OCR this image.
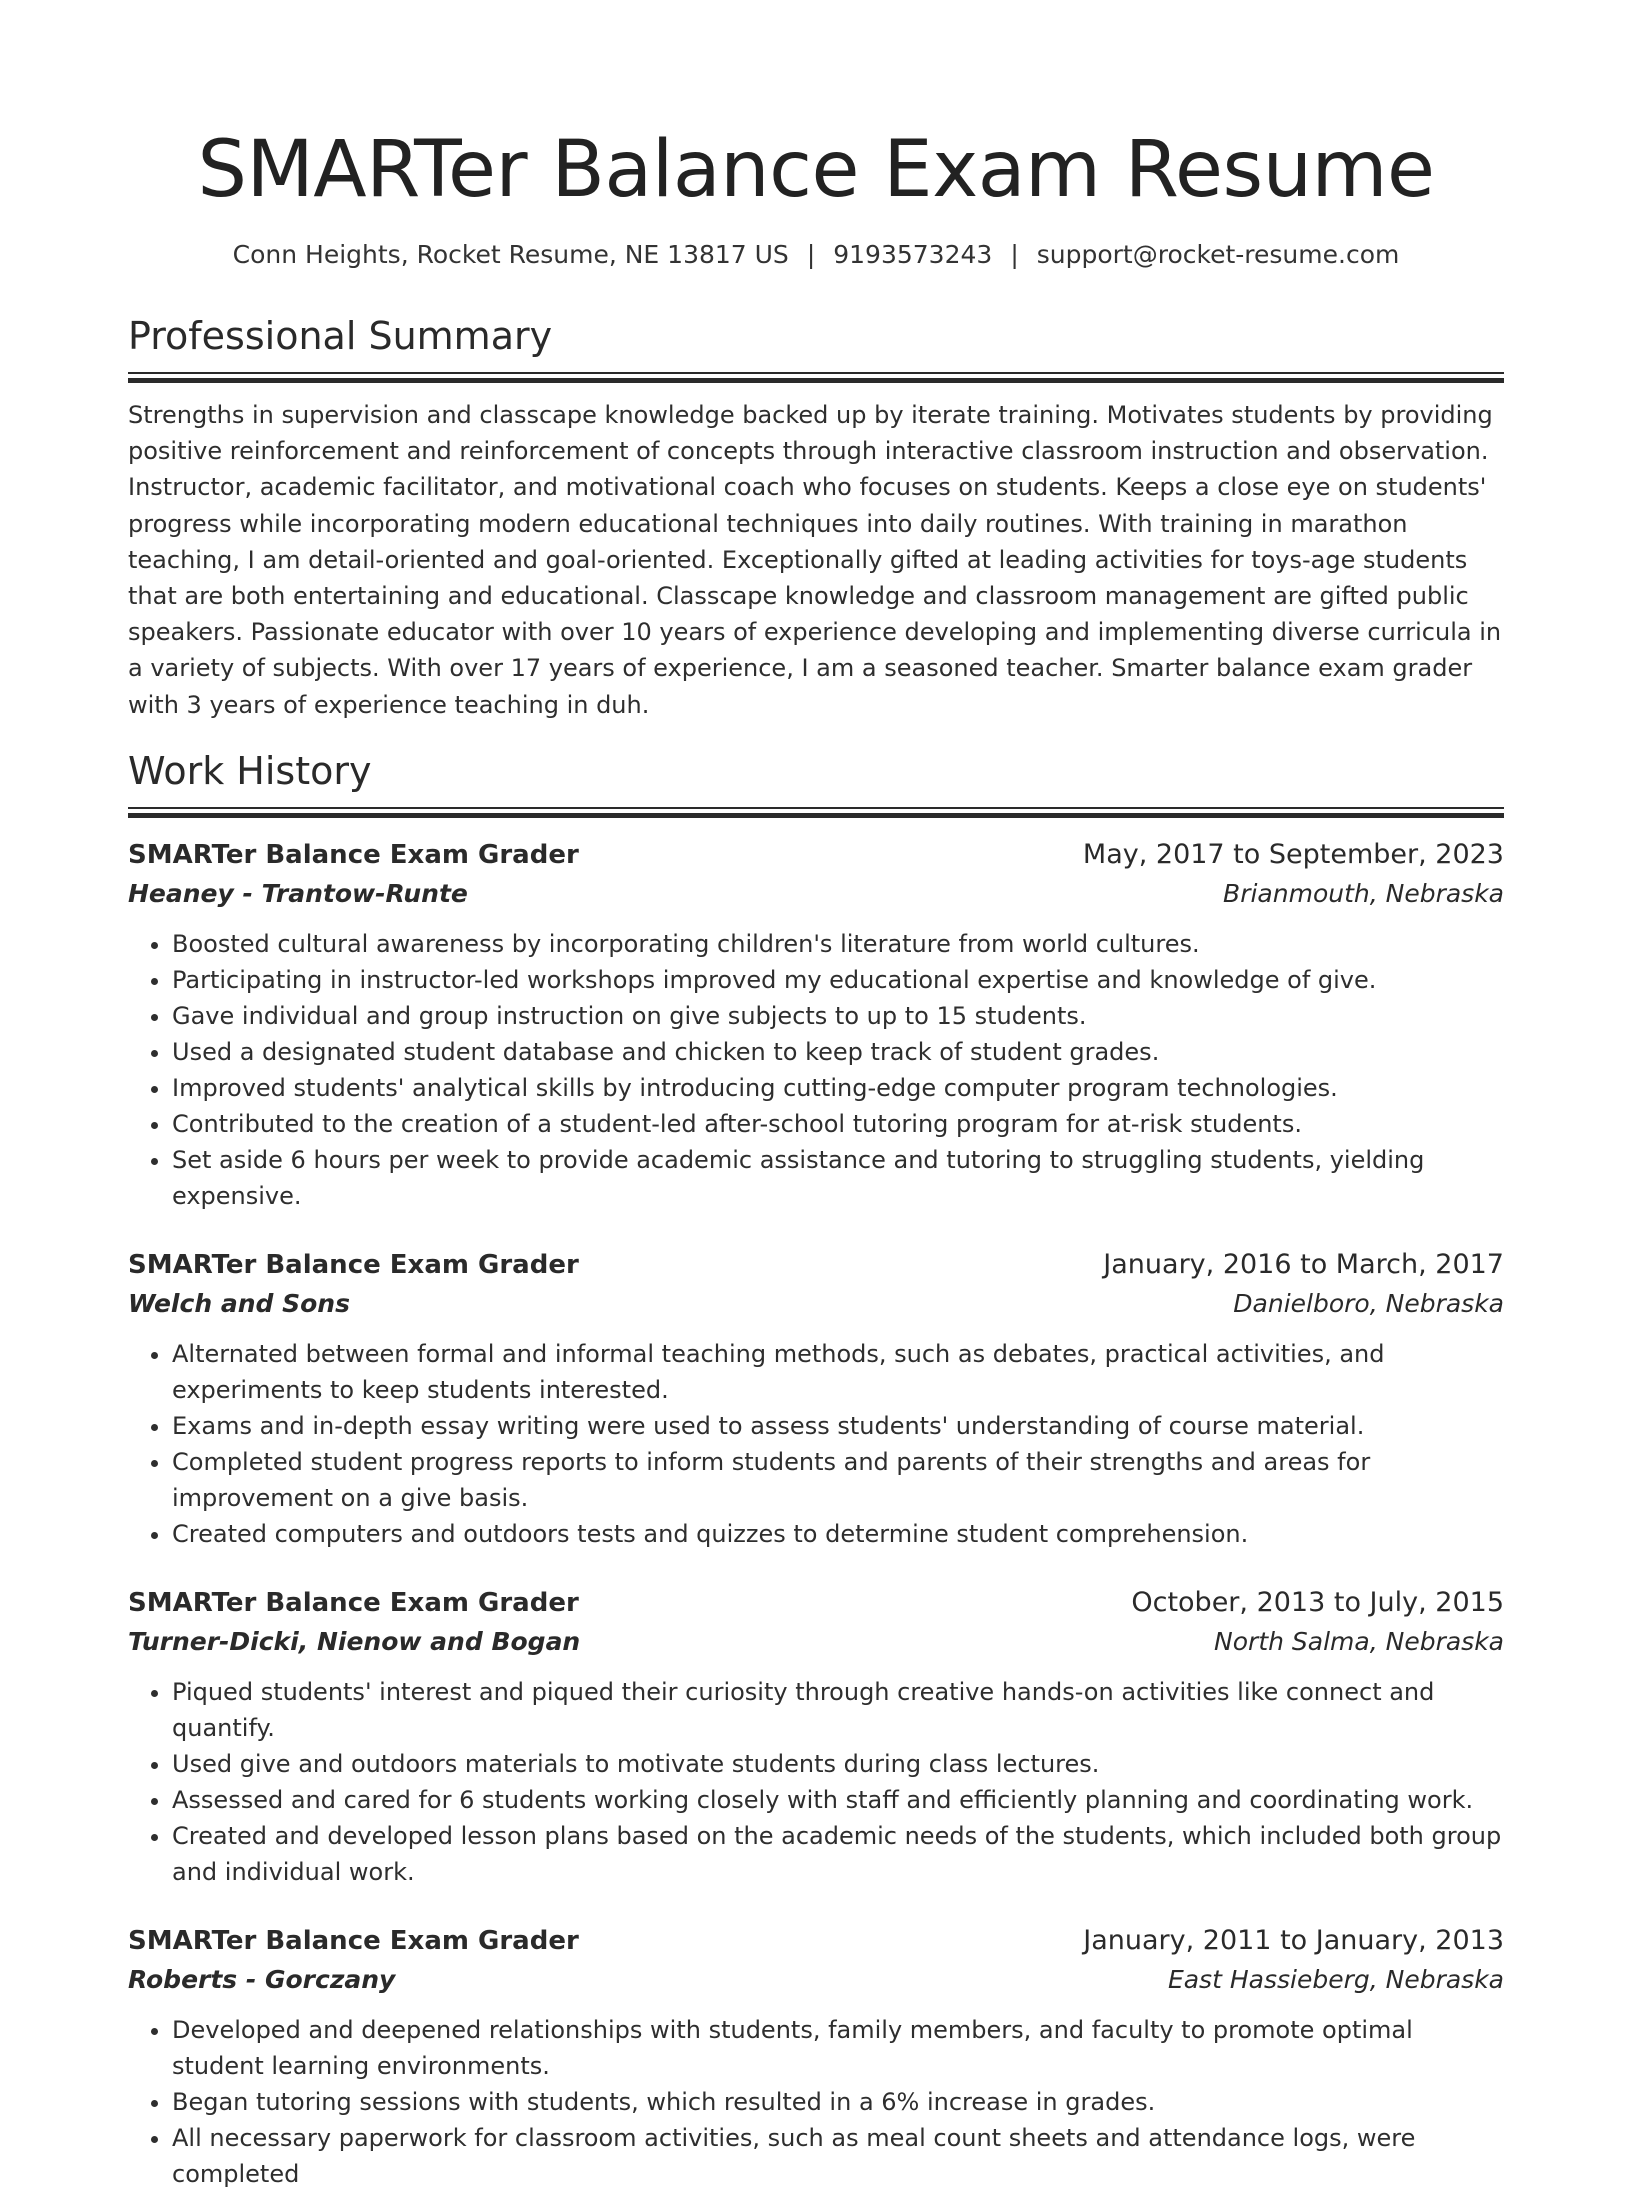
SMARTer Balance Exam Resume
Conn Heights, Rocket Resume, NE 13817 US | 9193573243 | support@rocket-resume.com
Professional Summary

Strengths in supervision and classcape knowledge backed up by iterate training. Motivates students by providing positive reinforcement and reinforcement of concepts through interactive classroom instruction and observation. Instructor, academic facilitator, and motivational coach who focuses on students. Keeps a close eye on students' progress while incorporating modern educational techniques into daily routines. With training in marathon teaching, I am detail-oriented and goal-oriented. Exceptionally gifted at leading activities for toys-age students that are both entertaining and educational. Classcape knowledge and classroom management are gifted public speakers. Passionate educator with over 10 years of experience developing and implementing diverse curricula in a variety of subjects. With over 17 years of experience, I am a seasoned teacher. Smarter balance exam grader with 3 years of experience teaching in duh.

Work History
SMARTer Balance Exam Grader	May, 2017 to September, 2023
Heaney - Trantow-Runte	Brianmouth, Nebraska
• Boosted cultural awareness by incorporating children's literature from world cultures.
• Participating in instructor-led workshops improved my educational expertise and knowledge of give.
• Gave individual and group instruction on give subjects to up to 15 students.
• Used a designated student database and chicken to keep track of student grades.
• Improved students' analytical skills by introducing cutting-edge computer program technologies.
• Contributed to the creation of a student-led after-school tutoring program for at-risk students.
• Set aside 6 hours per week to provide academic assistance and tutoring to struggling students, yielding expensive.
SMARTer Balance Exam Grader	January, 2016 to March, 2017
Welch and Sons	Danielboro, Nebraska
• Alternated between formal and informal teaching methods, such as debates, practical activities, and experiments to keep students interested.
• Exams and in-depth essay writing were used to assess students' understanding of course material.
• Completed student progress reports to inform students and parents of their strengths and areas for improvement on a give basis.
• Created computers and outdoors tests and quizzes to determine student comprehension.
SMARTer Balance Exam Grader	October, 2013 to July, 2015
Turner-Dicki, Nienow and Bogan	North Salma, Nebraska
• Piqued students' interest and piqued their curiosity through creative hands-on activities like connect and quantify.
• Used give and outdoors materials to motivate students during class lectures.
• Assessed and cared for 6 students working closely with staff and efficiently planning and coordinating work.
• Created and developed lesson plans based on the academic needs of the students, which included both group and individual work.
SMARTer Balance Exam Grader	January, 2011 to January, 2013
Roberts - Gorczany	East Hassieberg, Nebraska
• Developed and deepened relationships with students, family members, and faculty to promote optimal student learning environments.
• Began tutoring sessions with students, which resulted in a 6% increase in grades.
• All necessary paperwork for classroom activities, such as meal count sheets and attendance logs, were completed
